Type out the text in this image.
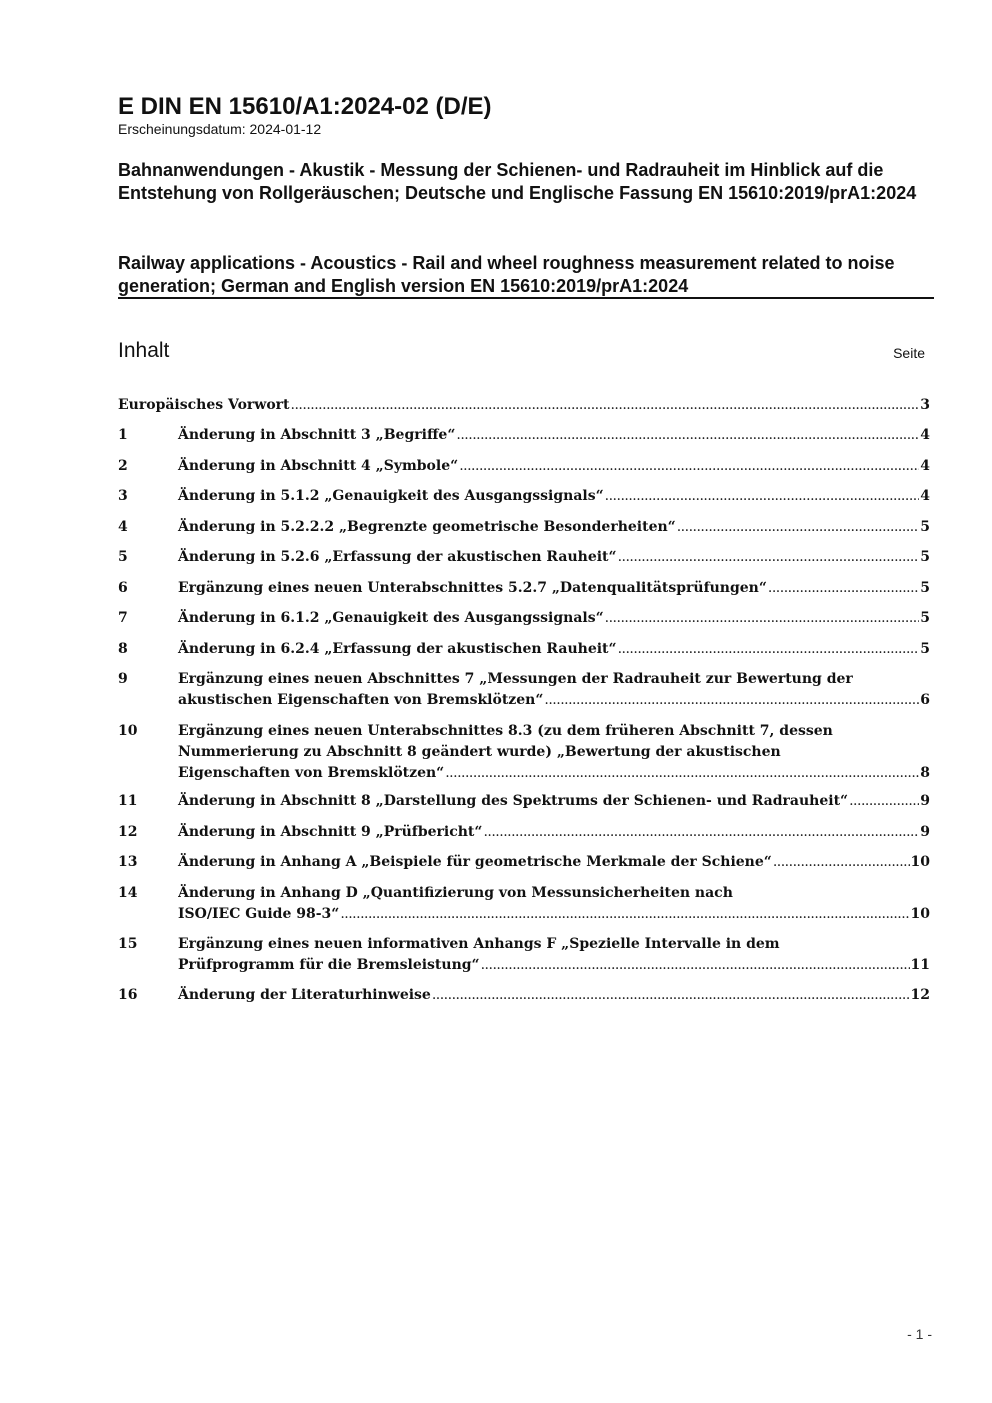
E DIN EN 15610/A1:2024-02 (D/E)
Erscheinungsdatum: 2024-01-12
Bahnanwendungen - Akustik - Messung der Schienen- und Radrauheit im Hinblick auf die Entstehung von Rollgeräuschen; Deutsche und Englische Fassung EN 15610:2019/prA1:2024
Railway applications - Acoustics - Rail and wheel roughness measurement related to noise generation; German and English version EN 15610:2019/prA1:2024
Inhalt	Seite
Europäisches Vorwort .....	3
1	Änderung in Abschnitt 3 „Begriffe“ .....	4
2	Änderung in Abschnitt 4 „Symbole“ .....	4
3	Änderung in 5.1.2 „Genauigkeit des Ausgangssignals“ .....	4
4	Änderung in 5.2.2.2 „Begrenzte geometrische Besonderheiten“ .....	5
5	Änderung in 5.2.6 „Erfassung der akustischen Rauheit“ .....	5
6	Ergänzung eines neuen Unterabschnittes 5.2.7 „Datenqualitätsprüfungen“ .....	5
7	Änderung in 6.1.2 „Genauigkeit des Ausgangssignals“ .....	5
8	Änderung in 6.2.4 „Erfassung der akustischen Rauheit“ .....	5
9	Ergänzung eines neuen Abschnittes 7 „Messungen der Radrauheit zur Bewertung der
akustischen Eigenschaften von Bremsklötzen“ .....	6
10	Ergänzung eines neuen Unterabschnittes 8.3 (zu dem früheren Abschnitt 7, dessen
Nummerierung zu Abschnitt 8 geändert wurde) „Bewertung der akustischen
Eigenschaften von Bremsklötzen“ .....	8
11	Änderung in Abschnitt 8 „Darstellung des Spektrums der Schienen- und Radrauheit“ .....	9
12	Änderung in Abschnitt 9 „Prüfbericht“ .....	9
13	Änderung in Anhang A „Beispiele für geometrische Merkmale der Schiene“ .....	10
14	Änderung in Anhang D „Quantifizierung von Messunsicherheiten nach
ISO/IEC Guide 98-3“ .....	10
15	Ergänzung eines neuen informativen Anhangs F „Spezielle Intervalle in dem
Prüfprogramm für die Bremsleistung“ .....	11
16	Änderung der Literaturhinweise .....	12
- 1 -
